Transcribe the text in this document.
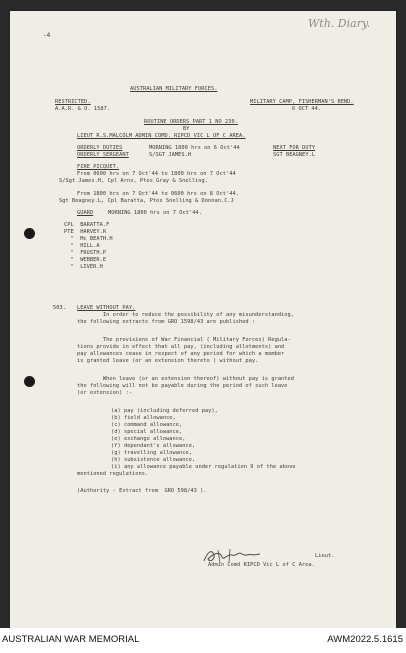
-4
Wth. Diary.
AUSTRALIAN MILITARY FORCES.
RESTRICTED.
A.A.R. & O. 1587.
MILITARY CAMP, FISHERMAN'S BEND.
6 OCT 44.
ROUTINE ORDERS PART 1 NO 230.
BY
LIEUT R.S.MALCOLM ADMIN COMD. RIPCD VIC L OF C AREA.
ORDERLY DUTIES	MORNING 1800 hrs on 6 Oct'44	NEXT FOR DUTY
ORDERLY SERGEANT	S/SGT JAMES.H	SGT BEAGNEY.L
FIRE PICQUET.
From 0600 hrs on 7 Oct'44 to 1800 hrs on 7 Oct'44
S/Sgt James.H, Cpl Arns, Ptes Gray & Snelling.
From 1800 hrs on 7 Oct'44 to 0600 hrs on 8 Oct'44.
Sgt Beagney.L, Cpl Baratta, Ptes Snelling & Donnan.C.J
GUARD	MORNING 1800 hrs on 7 Oct'44.
CPL  BARATTA.F
PTE  HARVEY.R
"  Mc BEATH.H
"  HILL.A
"  FROSTH.P
"  WEBBER.E
"  LIVER.H
503. LEAVE WITHOUT PAY.
In order to reduce the possibility of any misunderstanding,
the following extracts from GRO 1598/43 are published :
The provisions of War Financial ( Military Forces) Regula-
tions provide in effect that all pay, (including allotments) and
pay allowances cease in respect of any period for which a member
is granted leave (or an extension thereto ) without pay.
When leave (or an extension thereof) without pay is granted
the following will not be payable during the period of such leave
(or extension) :-
(a) pay (including deferred pay),
(b) field allowance,
(c) command allowance,
(d) special allowance,
(e) exchange allowance,
(f) dependant's allowance,
(g) travelling allowance,
(h) subsistence allowance,
(i) any allowance payable under regulation 9 of the above
mentioned regulations.
(Authority - Extract from  GRO 598/43 ).
Lieut.
Admin Comd RIPCD Vic L of C Area.
AUSTRALIAN WAR MEMORIAL	AWM2022.5.1615
